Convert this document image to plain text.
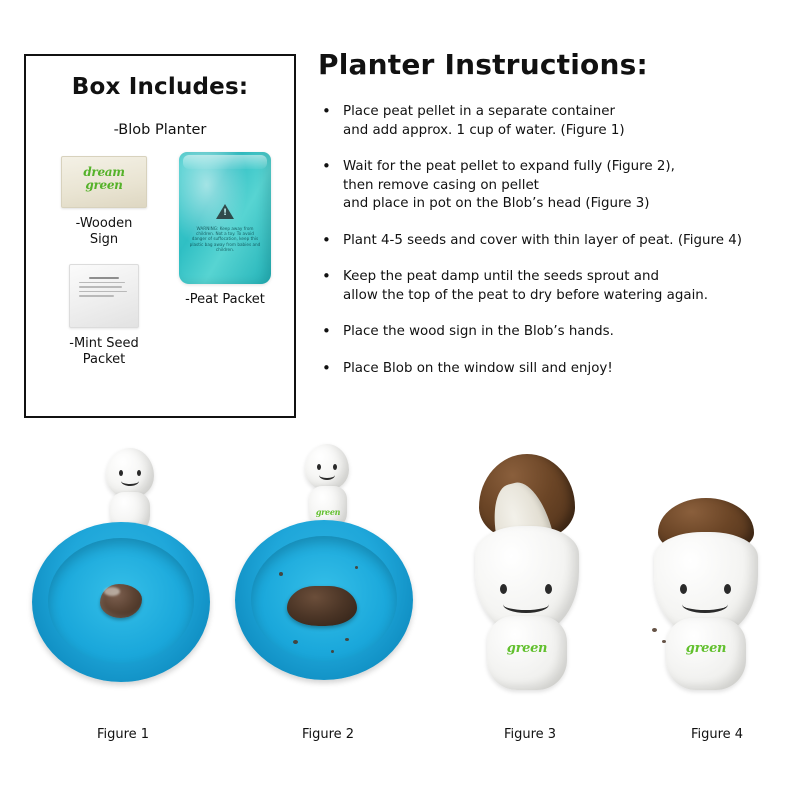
Box Includes:
-Blob Planter
dream
green
-Wooden
Sign
-Mint Seed
Packet
!
WARNING: Keep away from children. Not a toy. To avoid danger of suffocation, keep this plastic bag away from babies and children.
-Peat Packet
Planter Instructions:
• Place peat pellet in a separate container
and add approx. 1 cup of water. (Figure 1)
• Wait for the peat pellet to expand fully (Figure 2),
then remove casing on pellet
and place in pot on the Blob’s head (Figure 3)
• Plant 4-5 seeds and cover with thin layer of peat. (Figure 4)
• Keep the peat damp until the seeds sprout and
allow the top of the peat to dry before watering again.
• Place the wood sign in the Blob’s hands.
• Place Blob on the window sill and enjoy!
Figure 1
green
Figure 2
green
Figure 3
green
Figure 4
